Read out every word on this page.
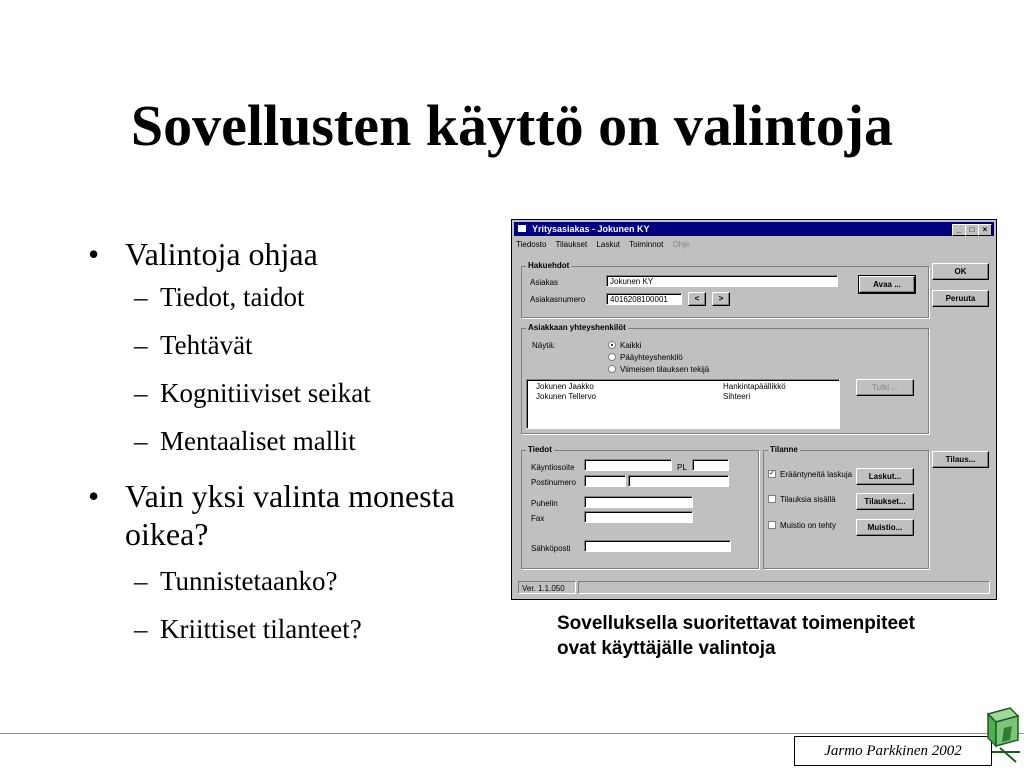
Sovellusten käyttö on valintoja
• Valintoja ohjaa
– Tiedot, taidot
– Tehtävät
– Kognitiiviset seikat
– Mentaaliset mallit
• Vain yksi valinta monesta oikea?
– Tunnistetaanko?
– Kriittiset tilanteet?
Yritysasiakas - Jokunen KY	_	□	×
Tiedosto Tilaukset Laskut Toiminnot Ohje
Hakuehdot
Asiakas	Jokunen KY
Asiakasnumero	4016208100001	<	>
Avaa ...
OK
Peruuta
Asiakkaan yhteyshenkilöt
Näytä:	Kaikki
Pääyhteyshenkilö
Viimeisen tilauksen tekijä
Jokunen Jaakko	Hankintapäällikkö
Jokunen Tellervo	Sihteeri
Tutki ...
Tiedot
Käyntiosoite	PL
Postinumero
Puhelin
Fax
Sähköposti
Tilanne
✓ Erääntyneitä laskuja	Laskut...
Tilauksia sisällä	Tilaukset...
Muistio on tehty	Muistio...
Tilaus...
Ver. 1.1.050
Sovelluksella suoritettavat toimenpiteet ovat käyttäjälle valintoja
Jarmo Parkkinen 2002
